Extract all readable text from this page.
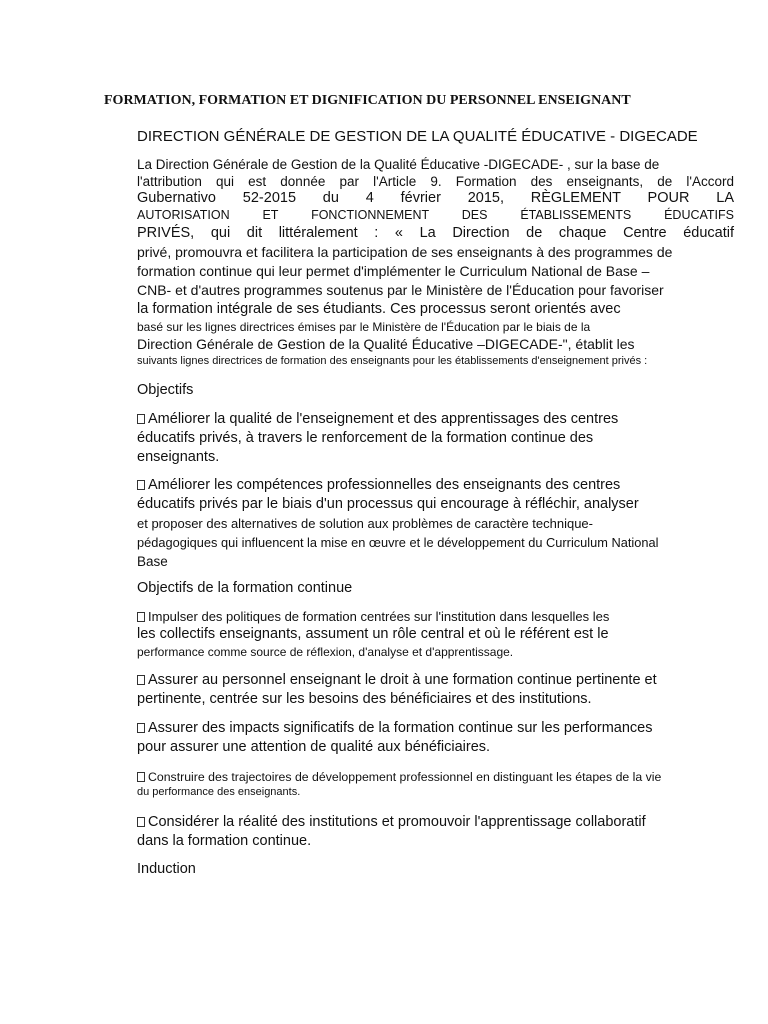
FORMATION, FORMATION ET DIGNIFICATION DU PERSONNEL ENSEIGNANT
DIRECTION GÉNÉRALE DE GESTION DE LA QUALITÉ ÉDUCATIVE - DIGECADE
La Direction Générale de Gestion de la Qualité Éducative -DIGECADE- , sur la base de
l'attribution qui est donnée par l'Article 9. Formation des enseignants, de l'Accord
Gubernativo 52-2015 du 4 février 2015, RÈGLEMENT POUR LA
AUTORISATION ET FONCTIONNEMENT DES ÉTABLISSEMENTS ÉDUCATIFS
PRIVÉS, qui dit littéralement : « La Direction de chaque Centre éducatif
privé, promouvra et facilitera la participation de ses enseignants à des programmes de
formation continue qui leur permet d'implémenter le Curriculum National de Base –
CNB- et d'autres programmes soutenus par le Ministère de l'Éducation pour favoriser
la formation intégrale de ses étudiants. Ces processus seront orientés avec
basé sur les lignes directrices émises par le Ministère de l'Éducation par le biais de la
Direction Générale de Gestion de la Qualité Éducative –DIGECADE-", établit les
suivants lignes directrices de formation des enseignants pour les établissements d'enseignement privés :
Objectifs
Améliorer la qualité de l'enseignement et des apprentissages des centres
éducatifs privés, à travers le renforcement de la formation continue des
enseignants.
Améliorer les compétences professionnelles des enseignants des centres
éducatifs privés par le biais d'un processus qui encourage à réfléchir, analyser
et proposer des alternatives de solution aux problèmes de caractère technique-
pédagogiques qui influencent la mise en œuvre et le développement du Curriculum National
Base
Objectifs de la formation continue
Impulser des politiques de formation centrées sur l'institution dans lesquelles les
les collectifs enseignants, assument un rôle central et où le référent est le
performance comme source de réflexion, d'analyse et d'apprentissage.
Assurer au personnel enseignant le droit à une formation continue pertinente et
pertinente, centrée sur les besoins des bénéficiaires et des institutions.
Assurer des impacts significatifs de la formation continue sur les performances
pour assurer une attention de qualité aux bénéficiaires.
Construire des trajectoires de développement professionnel en distinguant les étapes de la vie
du performance des enseignants.
Considérer la réalité des institutions et promouvoir l'apprentissage collaboratif
dans la formation continue.
Induction
